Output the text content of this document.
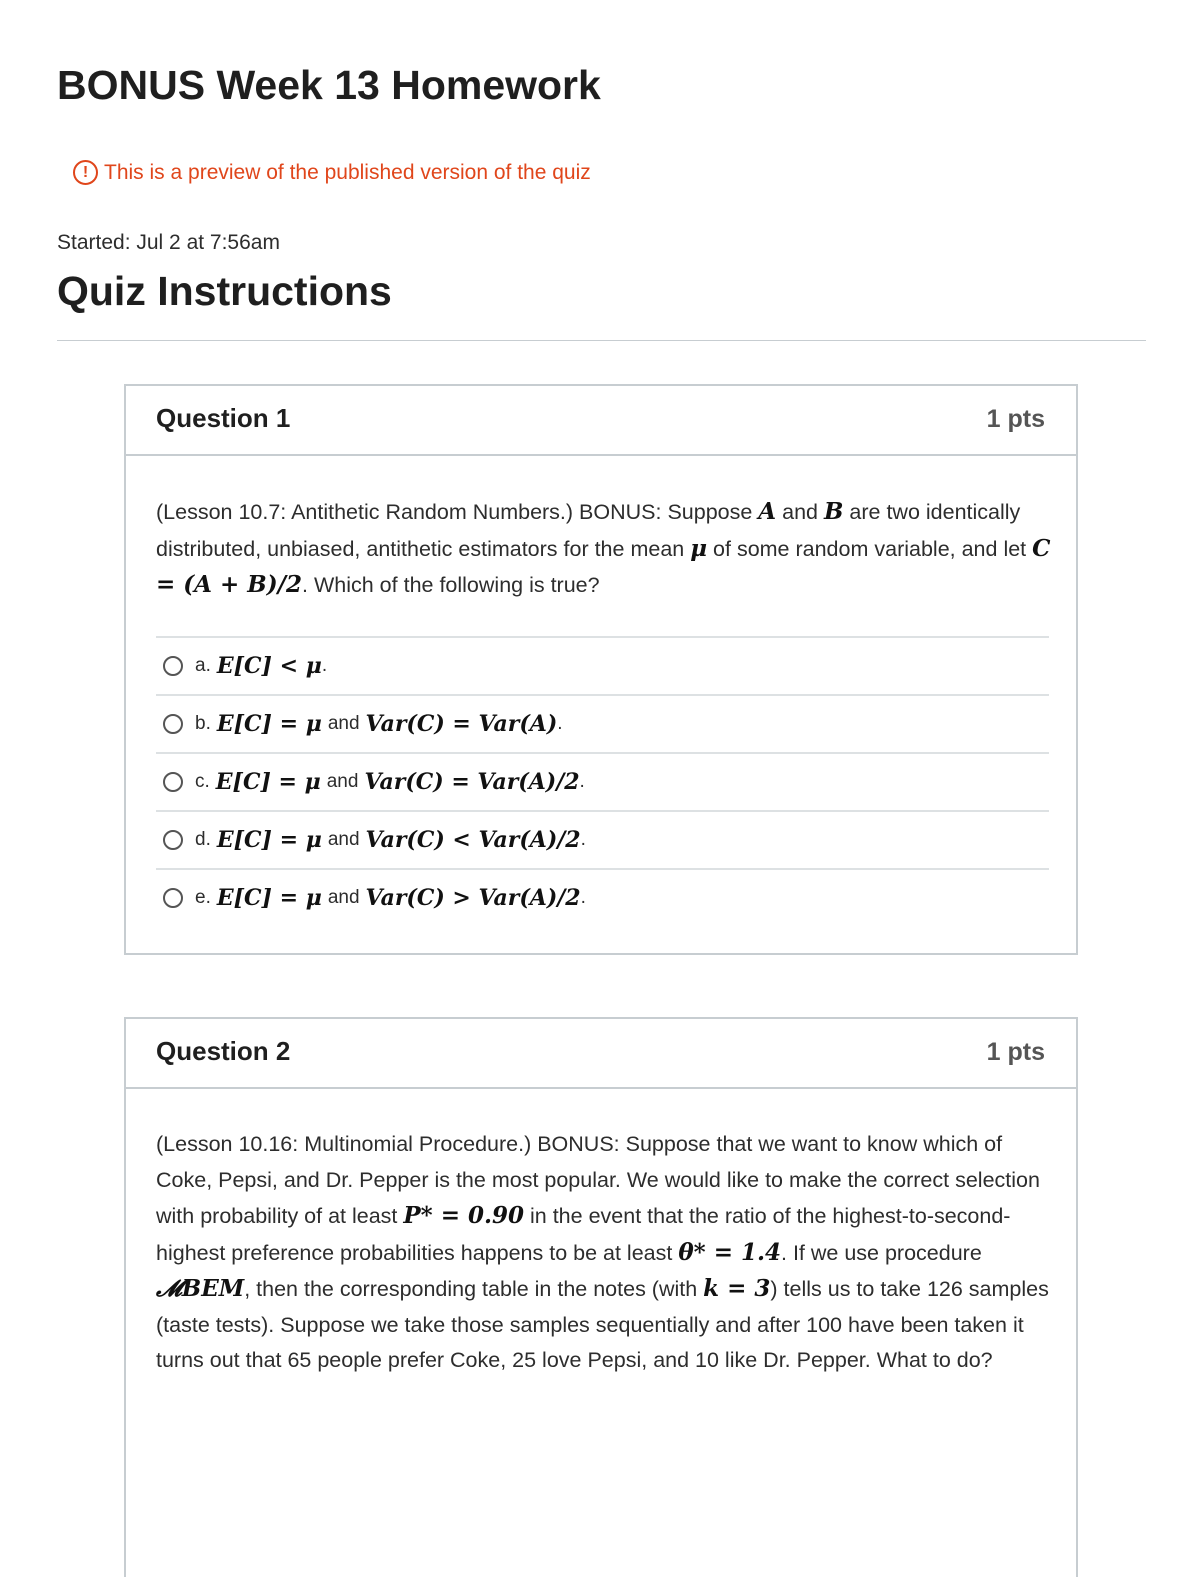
BONUS Week 13 Homework
! This is a preview of the published version of the quiz
Started: Jul 2 at 7:56am
Quiz Instructions
Question 1	1 pts
(Lesson 10.7: Antithetic Random Numbers.) BONUS: Suppose A and B are two identically distributed, unbiased, antithetic estimators for the mean μ of some random variable, and let C = (A + B)/2. Which of the following is true?
a. E[C] < μ .
b. E[C] = μ and Var(C) = Var(A) .
c. E[C] = μ and Var(C) = Var(A)/2 .
d. E[C] = μ and Var(C) < Var(A)/2 .
e. E[C] = μ and Var(C) > Var(A)/2 .
Question 2	1 pts
(Lesson 10.16: Multinomial Procedure.) BONUS: Suppose that we want to know which of Coke, Pepsi, and Dr. Pepper is the most popular. We would like to make the correct selection with probability of at least P* = 0.90 in the event that the ratio of the highest-to-second-highest preference probabilities happens to be at least θ* = 1.4. If we use procedure 𝓜BEM, then the corresponding table in the notes (with k = 3) tells us to take 126 samples (taste tests). Suppose we take those samples sequentially and after 100 have been taken it turns out that 65 people prefer Coke, 25 love Pepsi, and 10 like Dr. Pepper. What to do?
